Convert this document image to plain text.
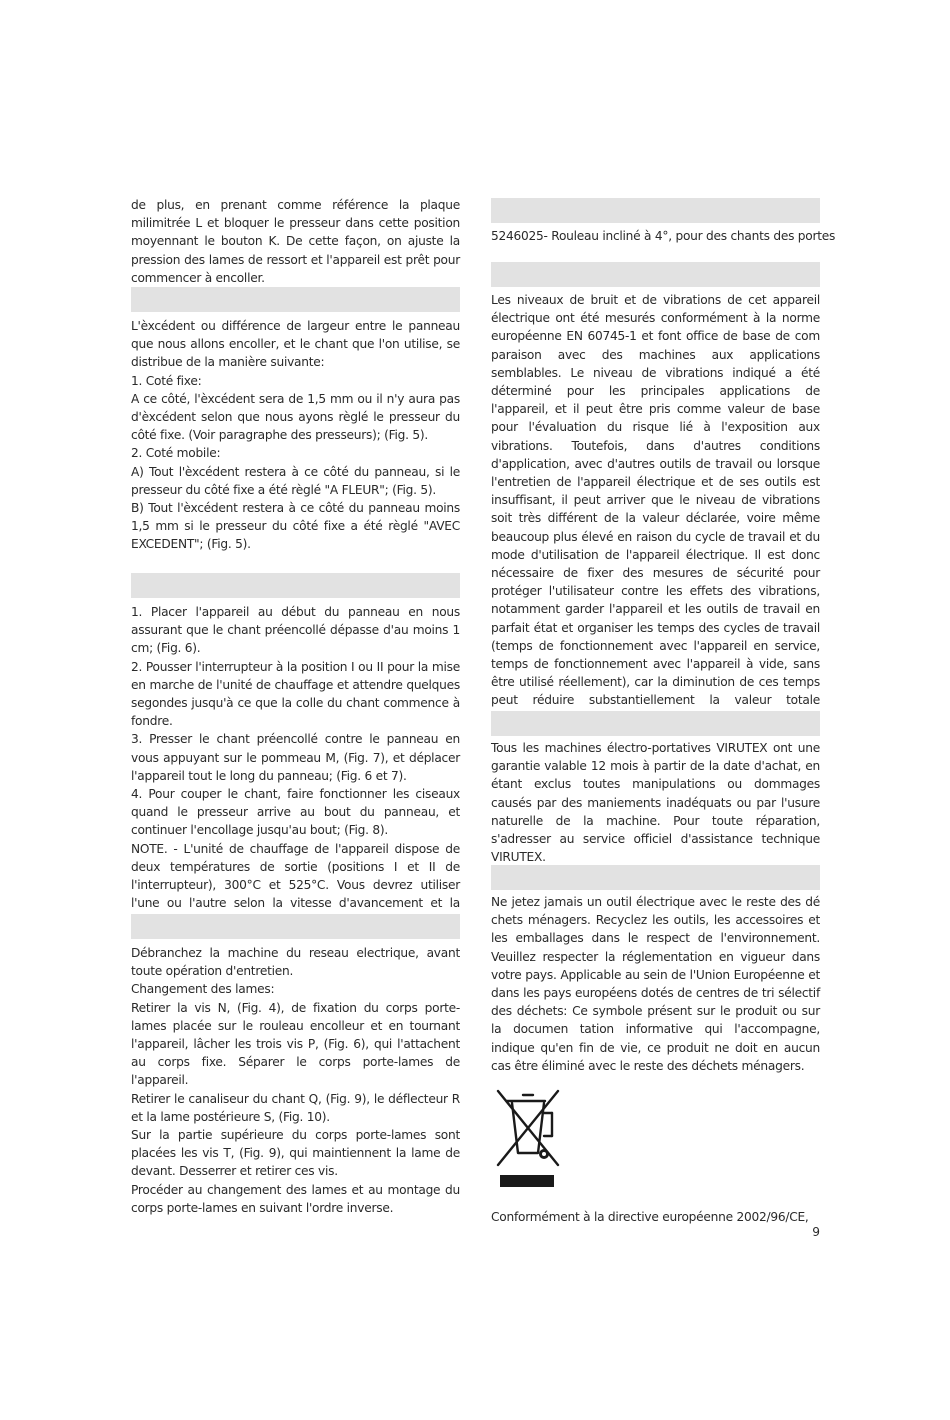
de plus, en prenant comme référence la plaque milimitrée L et bloquer le presseur dans cette position moyennant le bouton K. De cette façon, on ajuste la pression des lames de ressort et l'appareil est prêt pour commencer à encoller.

L'èxcédent ou différence de largeur entre le panneau que nous allons encoller, et le chant que l'on utilise, se distribue de la manière suivante:

1. Coté fixe:

A ce côté, l'èxcédent sera de 1,5 mm ou il n'y aura pas d'èxcédent selon que nous ayons règlé le presseur du côté fixe. (Voir paragraphe des presseurs); (Fig. 5).

2. Coté mobile:

A) Tout l'èxcédent restera à ce côté du panneau, si le presseur du côté fixe a été règlé "A FLEUR"; (Fig. 5).

B) Tout l'èxcédent restera à ce côté du panneau moins 1,5 mm si le presseur du côté fixe a été règlé "AVEC EXCEDENT"; (Fig. 5).

1. Placer l'appareil au début du panneau en nous assurant que le chant préencollé dépasse d'au moins 1 cm; (Fig. 6).

2. Pousser l'interrupteur à la position I ou II pour la mise en marche de l'unité de chauffage et attendre quelques segondes jusqu'à ce que la colle du chant commence à fondre.

3. Presser le chant préencollé contre le panneau en vous appuyant sur le pommeau M, (Fig. 7), et déplacer l'appareil tout le long du panneau; (Fig. 6 et 7).

4. Pour couper le chant, faire fonctionner les ciseaux quand le presseur arrive au bout du panneau, et continuer l'encollage jusqu'au bout; (Fig. 8).

NOTE. - L'unité de chauffage de l'appareil dispose de deux températures de sortie (positions I et II de l'interrupteur), 300°C et 525°C. Vous devrez utiliser l'une ou l'autre selon la vitesse d'avancement et la

Débranchez la machine du reseau electrique, avant toute opération d'entretien.

Changement des lames:

Retirer la vis N, (Fig. 4), de fixation du corps porte-lames placée sur le rouleau encolleur et en tournant l'appareil, lâcher les trois vis P, (Fig. 6), qui l'attachent au corps fixe. Séparer le corps porte-lames de l'appareil.

Retirer le canaliseur du chant Q, (Fig. 9), le déflecteur R et la lame postérieure S, (Fig. 10).

Sur la partie supérieure du corps porte-lames sont placées les vis T, (Fig. 9), qui maintiennent la lame de devant. Desserrer et retirer ces vis.

Procéder au changement des lames et au montage du corps porte-lames en suivant l'ordre inverse.

5246025- Rouleau incliné à 4°, pour des chants des portes

Les niveaux de bruit et de vibrations de cet appareil électrique ont été mesurés conformément à la norme européenne EN 60745-1 et font office de base de com paraison avec des machines aux applications semblables. Le niveau de vibrations indiqué a été déterminé pour les principales applications de l'appareil, et il peut être pris comme valeur de base pour l'évaluation du risque lié à l'exposition aux vibrations. Toutefois, dans d'autres conditions d'application, avec d'autres outils de travail ou lorsque l'entretien de l'appareil électrique et de ses outils est insuffisant, il peut arriver que le niveau de vibrations soit très différent de la valeur déclarée, voire même beaucoup plus élevé en raison du cycle de travail et du mode d'utilisation de l'appareil électrique. Il est donc nécessaire de fixer des mesures de sécurité pour protéger l'utilisateur contre les effets des vibrations, notamment garder l'appareil et les outils de travail en parfait état et organiser les temps des cycles de travail (temps de fonctionnement avec l'appareil en service, temps de fonctionnement avec l'appareil à vide, sans être utilisé réellement), car la diminution de ces temps peut réduire substantiellement la valeur totale

Tous les machines électro-portatives VIRUTEX ont une garantie valable 12 mois à partir de la date d'achat, en étant exclus toutes manipulations ou dommages causés par des maniements inadéquats ou par l'usure naturelle de la machine. Pour toute réparation, s'adresser au service officiel d'assistance technique VIRUTEX.

Ne jetez jamais un outil électrique avec le reste des dé chets ménagers. Recyclez les outils, les accessoires et les emballages dans le respect de l'environnement. Veuillez respecter la réglementation en vigueur dans votre pays. Applicable au sein de l'Union Européenne et dans les pays européens dotés de centres de tri sélectif des déchets: Ce symbole présent sur le produit ou sur la documen tation informative qui l'accompagne, indique qu'en fin de vie, ce produit ne doit en aucun cas être éliminé avec le reste des déchets ménagers.

Conformément à la directive européenne 2002/96/CE,
9
